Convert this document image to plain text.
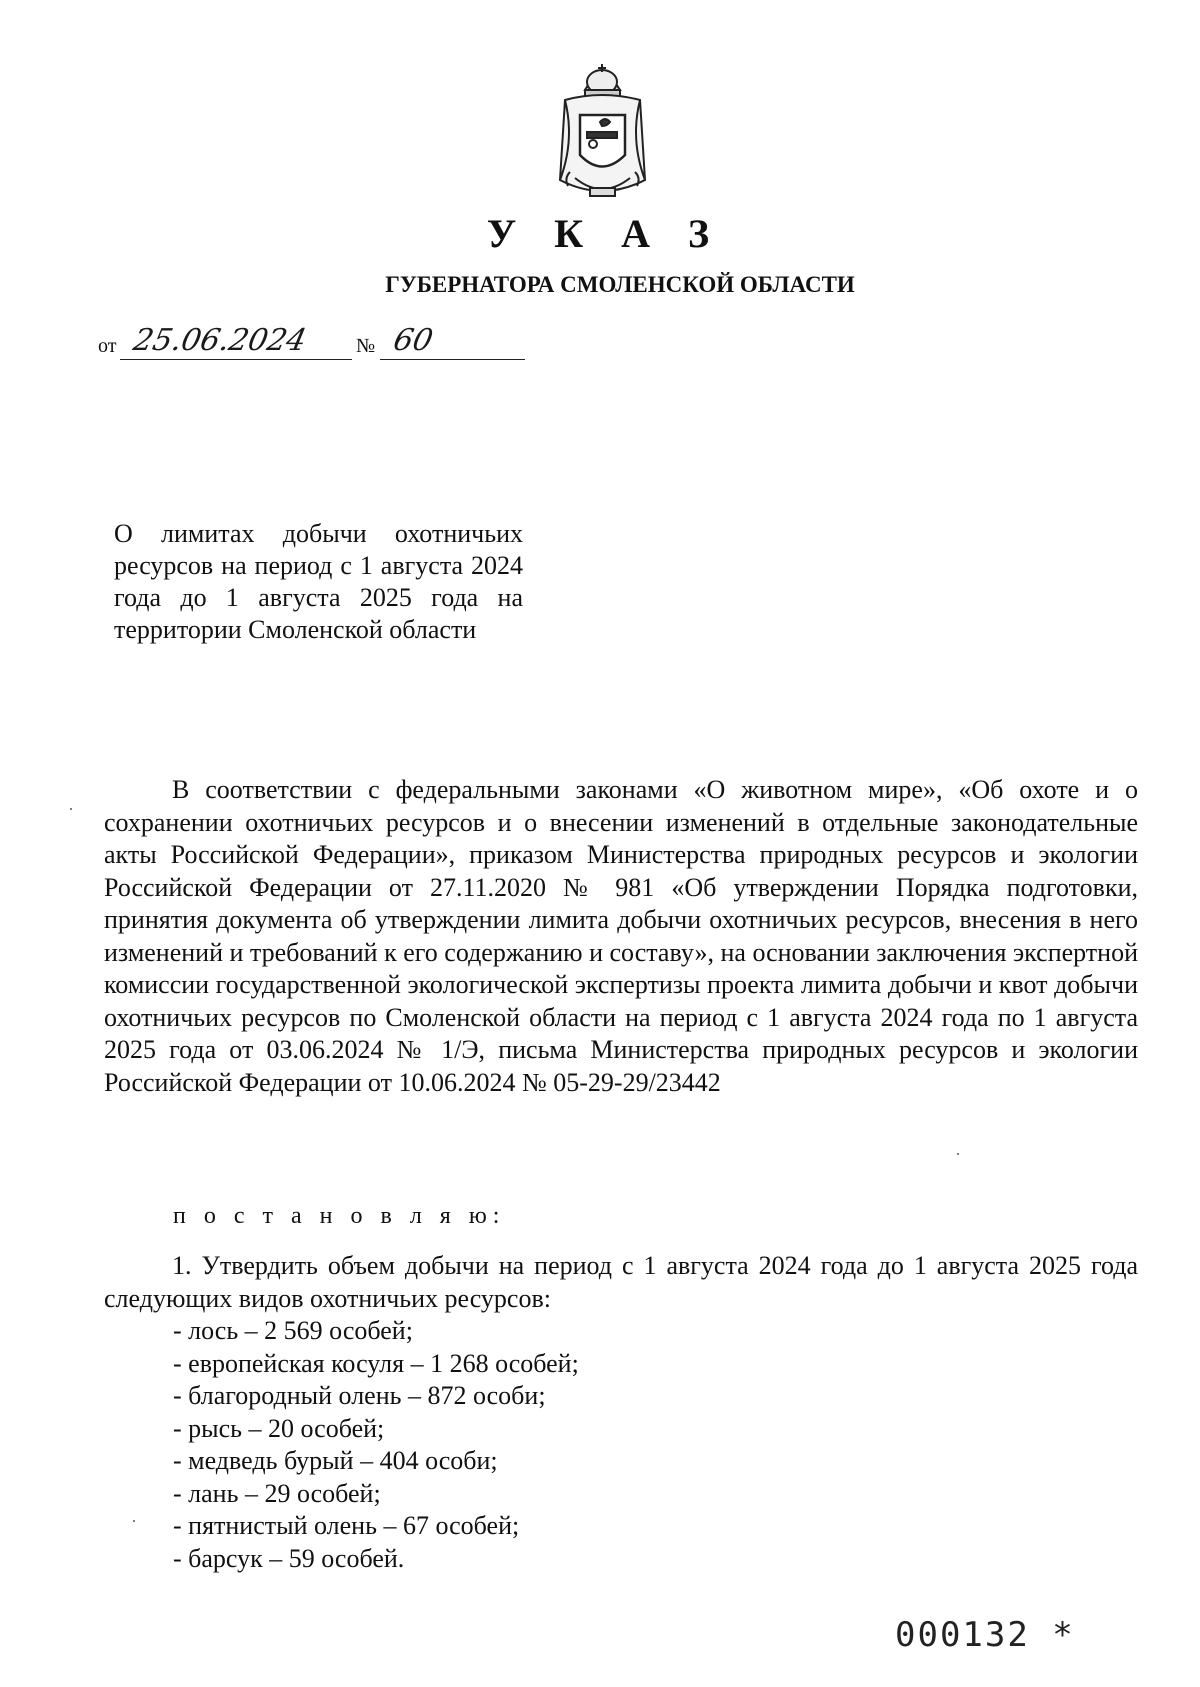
У К А З
ГУБЕРНАТОРА СМОЛЕНСКОЙ ОБЛАСТИ
от 25.06.2024 № 60
О лимитах добычи охотничьих ресурсов на период с 1 августа 2024 года до 1 августа 2025 года на территории Смоленской области

В соответствии с федеральными законами «О животном мире», «Об охоте и о сохранении охотничьих ресурсов и о внесении изменений в отдельные законодательные акты Российской Федерации», приказом Министерства природных ресурсов и экологии Российской Федерации от 27.11.2020 № 981 «Об утверждении Порядка подготовки, принятия документа об утверждении лимита добычи охотничьих ресурсов, внесения в него изменений и требований к его содержанию и составу», на основании заключения экспертной комиссии государственной экологической экспертизы проекта лимита добычи и квот добычи охотничьих ресурсов по Смоленской области на период с 1 августа 2024 года по 1 августа 2025 года от 03.06.2024 № 1/Э, письма Министерства природных ресурсов и экологии Российской Федерации от 10.06.2024 № 05-29-29/23442

п о с т а н о в л я ю:

1. Утвердить объем добычи на период с 1 августа 2024 года до 1 августа 2025 года следующих видов охотничьих ресурсов:

- лось – 2 569 особей;
- европейская косуля – 1 268 особей;
- благородный олень – 872 особи;
- рысь – 20 особей;
- медведь бурый – 404 особи;
- лань – 29 особей;
- пятнистый олень – 67 особей;
- барсук – 59 особей.
000132 *
